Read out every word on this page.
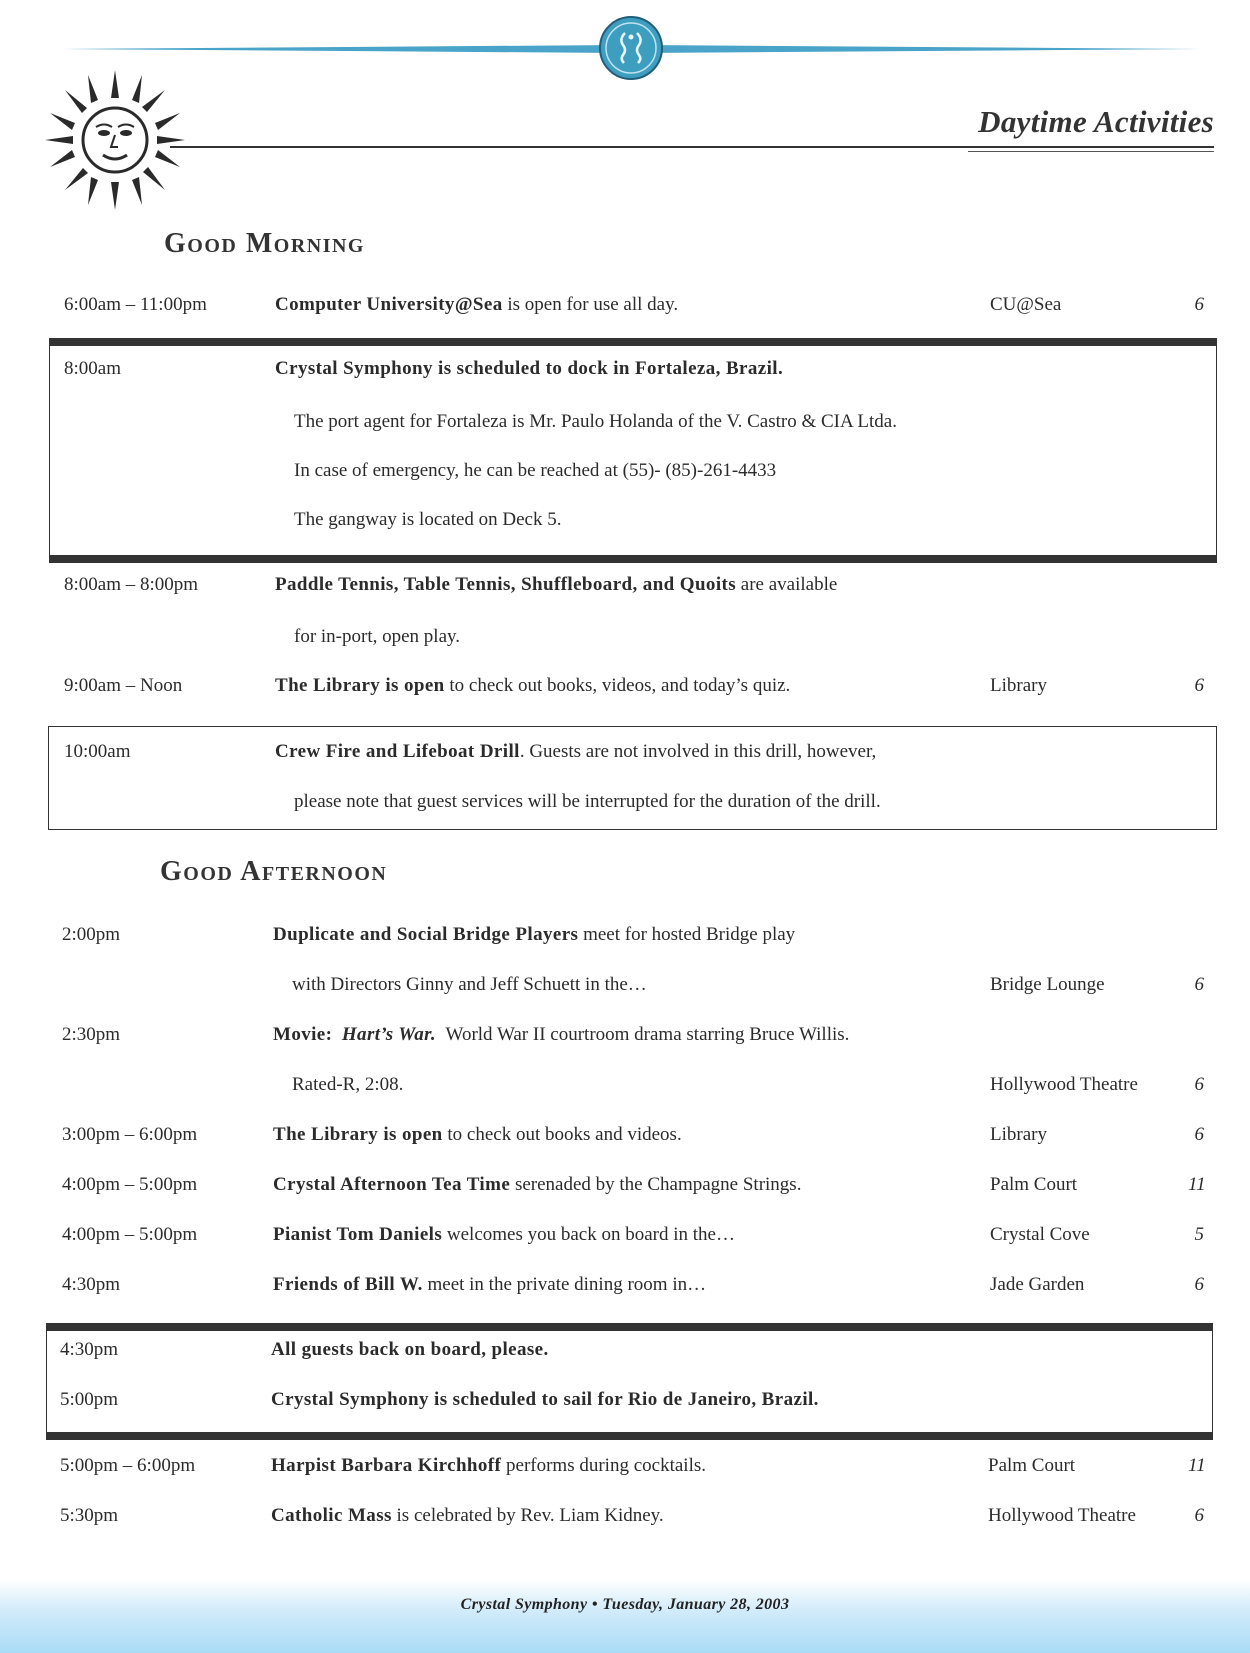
Daytime Activities
Good Morning
6:00am – 11:00pm	Computer University@Sea is open for use all day.	CU@Sea	6
8:00am	Crystal Symphony is scheduled to dock in Fortaleza, Brazil.
The port agent for Fortaleza is Mr. Paulo Holanda of the V. Castro & CIA Ltda.
In case of emergency, he can be reached at (55)- (85)-261-4433
The gangway is located on Deck 5.
8:00am – 8:00pm	Paddle Tennis, Table Tennis, Shuffleboard, and Quoits are available
for in-port, open play.
9:00am – Noon	The Library is open to check out books, videos, and today’s quiz.	Library	6
10:00am	Crew Fire and Lifeboat Drill. Guests are not involved in this drill, however,
please note that guest services will be interrupted for the duration of the drill.
Good Afternoon
2:00pm	Duplicate and Social Bridge Players meet for hosted Bridge play
with Directors Ginny and Jeff Schuett in the…	Bridge Lounge	6
2:30pm	Movie: Hart’s War. World War II courtroom drama starring Bruce Willis.
Rated-R, 2:08.	Hollywood Theatre	6
3:00pm – 6:00pm	The Library is open to check out books and videos.	Library	6
4:00pm – 5:00pm	Crystal Afternoon Tea Time serenaded by the Champagne Strings.	Palm Court	11
4:00pm – 5:00pm	Pianist Tom Daniels welcomes you back on board in the…	Crystal Cove	5
4:30pm	Friends of Bill W. meet in the private dining room in…	Jade Garden	6
4:30pm	All guests back on board, please.
5:00pm	Crystal Symphony is scheduled to sail for Rio de Janeiro, Brazil.
5:00pm – 6:00pm	Harpist Barbara Kirchhoff performs during cocktails.	Palm Court	11
5:30pm	Catholic Mass is celebrated by Rev. Liam Kidney.	Hollywood Theatre	6
Crystal Symphony • Tuesday, January 28, 2003
